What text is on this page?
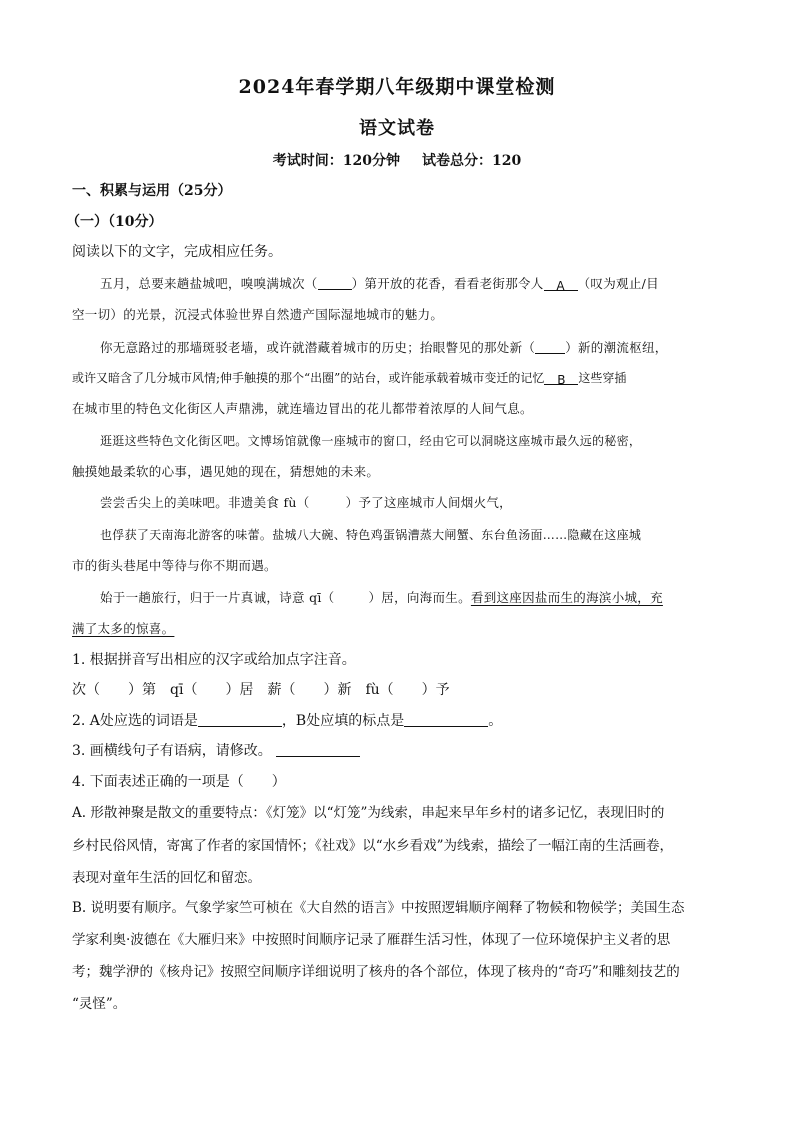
2024年春学期八年级期中课堂检测
语文试卷
考试时间：120分钟 试卷总分：120
一、积累与运用（25分）
（一）（10分）
阅读以下的文字，完成相应任务。
五月，总要来趟盐城吧，嗅嗅满城次（	）第开放的花香，看看老街那令人 A （叹为观止/目
空一切）的光景，沉浸式体验世界自然遗产国际湿地城市的魅力。
你无意路过的那墙斑驳老墙，或许就潜藏着城市的历史；抬眼瞥见的那处新（ ）新的潮流枢纽，
或许又暗含了几分城市风情;伸手触摸的那个“出圈”的站台，或许能承载着城市变迁的记忆 B 这些穿插
在城市里的特色文化街区人声鼎沸，就连墙边冒出的花儿都带着浓厚的人间气息。
逛逛这些特色文化街区吧。文博场馆就像一座城市的窗口，经由它可以洞晓这座城市最久远的秘密，
触摸她最柔软的心事，遇见她的现在，猜想她的未来。
尝尝舌尖上的美味吧。非遗美食 fù（	）予了这座城市人间烟火气，
也俘获了天南海北游客的味蕾。盐城八大碗、特色鸡蛋锅漕蒸大闸蟹、东台鱼汤面……隐藏在这座城
市的街头巷尾中等待与你不期而遇。
始于一趟旅行，归于一片真诚，诗意 qī（	）居，向海而生。看到这座因盐而生的海滨小城，充
满了太多的惊喜。
1. 根据拼音写出相应的汉字或给加点字注音。
次（　　）第　qī（　　）居　薪（　　）新　fù（　　）予
2. A处应选的词语是	，B处应填的标点是	。
3. 画横线句子有语病，请修改。
4. 下面表述正确的一项是（　　）
A. 形散神聚是散文的重要特点：《灯笼》以“灯笼”为线索，串起来早年乡村的诸多记忆，表现旧时的
乡村民俗风情，寄寓了作者的家国情怀；《社戏》以“水乡看戏”为线索，描绘了一幅江南的生活画卷，
表现对童年生活的回忆和留恋。
B. 说明要有顺序。气象学家竺可桢在《大自然的语言》中按照逻辑顺序阐释了物候和物候学；美国生态
学家利奥·波德在《大雁归来》中按照时间顺序记录了雁群生活习性，体现了一位环境保护主义者的思
考；魏学洢的《核舟记》按照空间顺序详细说明了核舟的各个部位，体现了核舟的“奇巧”和雕刻技艺的
“灵怪”。
